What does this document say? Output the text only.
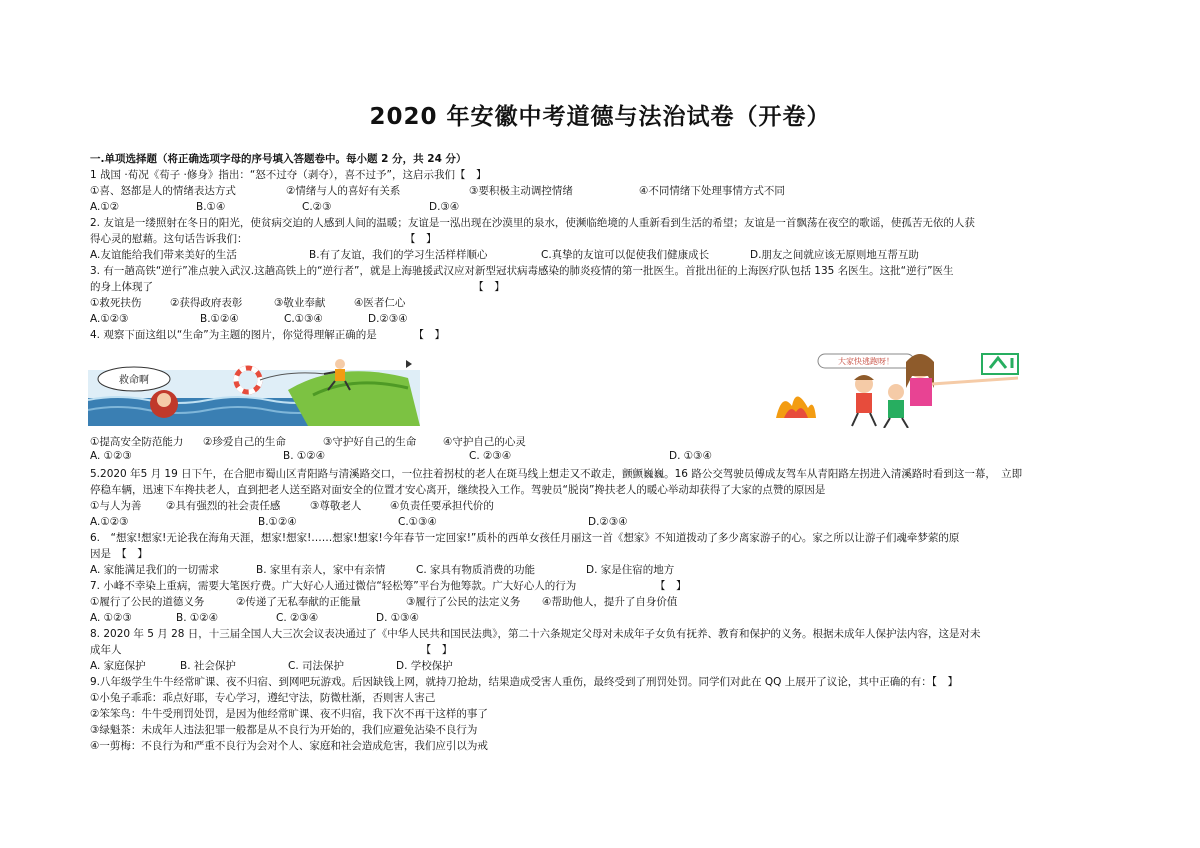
2020 年安徽中考道德与法治试卷（开卷）
一.单项选择题（将正确选项字母的序号填入答题卷中。每小题 2 分，共 24 分）
1 战国 ·荀况《荀子 ·修身》指出：“怒不过夺（剥夺），喜不过予”，这启示我们【　】
①喜、怒都是人的情绪表达方式	②情绪与人的喜好有关系	③要积极主动调控情绪	④不同情绪下处理事情方式不同
A.①②	B.①④	C.②③	D.③④
2. 友谊是一缕照射在冬日的阳光，使贫病交迫的人感到人间的温暖；友谊是一泓出现在沙漠里的泉水，使濒临绝境的人重新看到生活的希望；友谊是一首飘荡在夜空的歌谣，使孤苦无依的人获
得心灵的慰藉。这句话告诉我们：　　　　　　　　　　　　　　　　【　】
A.友谊能给我们带来美好的生活	B.有了友谊，我们的学习生活样样顺心	C.真挚的友谊可以促使我们健康成长	D.朋友之间就应该无原则地互帮互助
3. 有一趟高铁“逆行”准点驶入武汉.这趟高铁上的“逆行者”，就是上海驰援武汉应对新型冠状病毒感染的肺炎疫情的第一批医生。首批出征的上海医疗队包括 135 名医生。这批“逆行”医生
的身上体现了　　　　　　　　　　　　　　　　　　　　　　　　　　　　　　　【　】
①救死扶伤	②获得政府表彰	③敬业奉献	④医者仁心
A.①②③	B.①②④	C.①③④	D.②③④
4. 观察下面这组以“生命”为主题的图片，你觉得理解正确的是　　　　【　】
救命啊
大家快逃跑呀！
①提高安全防范能力 ②珍爱自己的生命	③守护好自己的生命	④守护自己的心灵
A. ①②③	B. ①②④	C. ②③④	D. ①③④
5.2020 年5 月 19 日下午，在合肥市蜀山区青阳路与清溪路交口，一位拄着拐杖的老人在斑马线上想走又不敢走，颤颤巍巍。16 路公交驾驶员傅成友驾车从青阳路左拐进入清溪路时看到这一幕，　立即
停稳车辆，迅速下车搀扶老人，直到把老人送至路对面安全的位置才安心离开，继续投入工作。驾驶员“脱岗”搀扶老人的暖心举动却获得了大家的点赞的原因是
①与人为善 ②具有强烈的社会责任感	③尊敬老人	④负责任要承担代价的
A.①②③	B.①②④	C.①③④	D.②③④
6.　“想家!想家!无论我在海角天涯，想家!想家!……想家!想家!今年春节一定回家!”质朴的西单女孩任月丽这一首《想家》不知道拨动了多少离家游子的心。家之所以让游子们魂牵梦萦的原
因是　【　】
A. 家能满足我们的一切需求	B. 家里有亲人，家中有亲情	C. 家具有物质消费的功能	D. 家是住宿的地方
7. 小峰不幸染上重病，需要大笔医疗费。广大好心人通过微信“轻松筹”平台为他筹款。广大好心人的行为　　　　　　　　【　】
①履行了公民的道德义务	②传递了无私奉献的正能量	③履行了公民的法定义务 ④帮助他人，提升了自身价值
A. ①②③	B. ①②④	C. ②③④	D. ①③④
8. 2020 年 5 月 28 日，十三届全国人大三次会议表决通过了《中华人民共和国民法典》，第二十六条规定父母对未成年子女负有抚养、教育和保护的义务。根据未成年人保护法内容，这是对未
成年人　　　　　　　　　　　　　　　　　　　　　　　　　　　　　【　】
A. 家庭保护	B. 社会保护	C. 司法保护	D. 学校保护
9.八年级学生牛牛经常旷课、夜不归宿、到网吧玩游戏。后因缺钱上网，就持刀抢劫，结果造成受害人重伤，最终受到了刑罚处罚。同学们对此在 QQ 上展开了议论，其中正确的有：【　】
①小兔子乖乖：乖点好耶，专心学习，遵纪守法，防微杜渐，否则害人害己
②笨笨鸟：牛牛受刑罚处罚，是因为他经常旷课、夜不归宿，我下次不再干这样的事了
③绿魁茶：未成年人违法犯罪一般都是从不良行为开始的，我们应避免沾染不良行为
④一剪梅：不良行为和严重不良行为会对个人、家庭和社会造成危害，我们应引以为戒
